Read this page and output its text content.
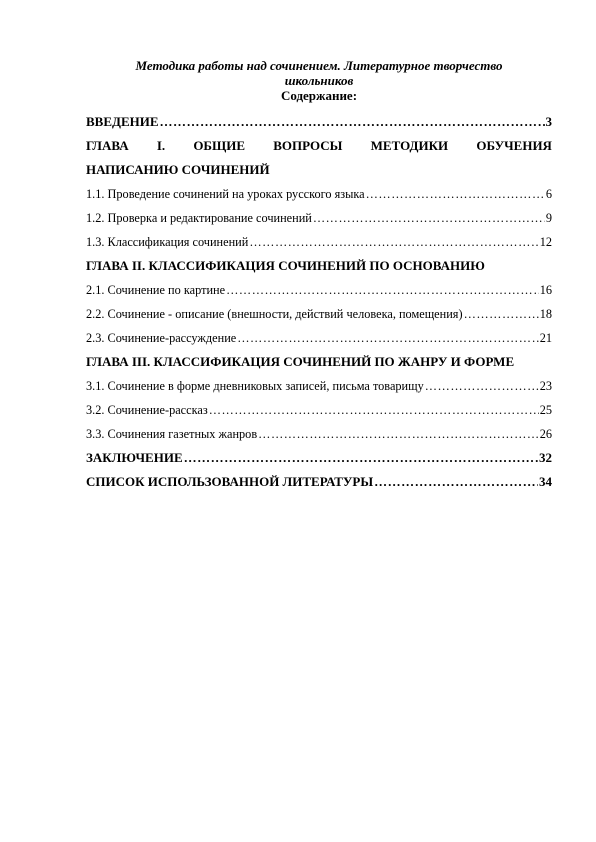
Методика работы над сочинением. Литературное творчество школьников

Содержание:

ВВЕДЕНИЕ …………………………………………………………………………………………………………………………………………	3
ГЛАВА I. ОБЩИЕ ВОПРОСЫ МЕТОДИКИ ОБУЧЕНИЯ
НАПИСАНИЮ СОЧИНЕНИЙ
1.1. Проведение сочинений на уроках русского языка …………………………………………………………………………………………………………………………………………	6
1.2. Проверка и редактирование сочинений …………………………………………………………………………………………………………………………………………	9
1.3. Классификация сочинений …………………………………………………………………………………………………………………………………………	12
ГЛАВА II. КЛАССИФИКАЦИЯ СОЧИНЕНИЙ ПО ОСНОВАНИЮ
2.1. Сочинение по картине …………………………………………………………………………………………………………………………………………	16
2.2. Сочинение - описание (внешности, действий человека, помещения) …………………………………………………………………………………………………………………………………………	18
2.3. Сочинение-рассуждение …………………………………………………………………………………………………………………………………………	21
ГЛАВА III. КЛАССИФИКАЦИЯ СОЧИНЕНИЙ ПО ЖАНРУ И ФОРМЕ
3.1. Сочинение в форме дневниковых записей, письма товарищу …………………………………………………………………………………………………………………………………………	23
3.2. Сочинение-рассказ …………………………………………………………………………………………………………………………………………	25
3.3. Сочинения газетных жанров …………………………………………………………………………………………………………………………………………	26
ЗАКЛЮЧЕНИЕ …………………………………………………………………………………………………………………………………………	32
СПИСОК ИСПОЛЬЗОВАННОЙ ЛИТЕРАТУРЫ …………………………………………………………………………………………………………………………………………	34
